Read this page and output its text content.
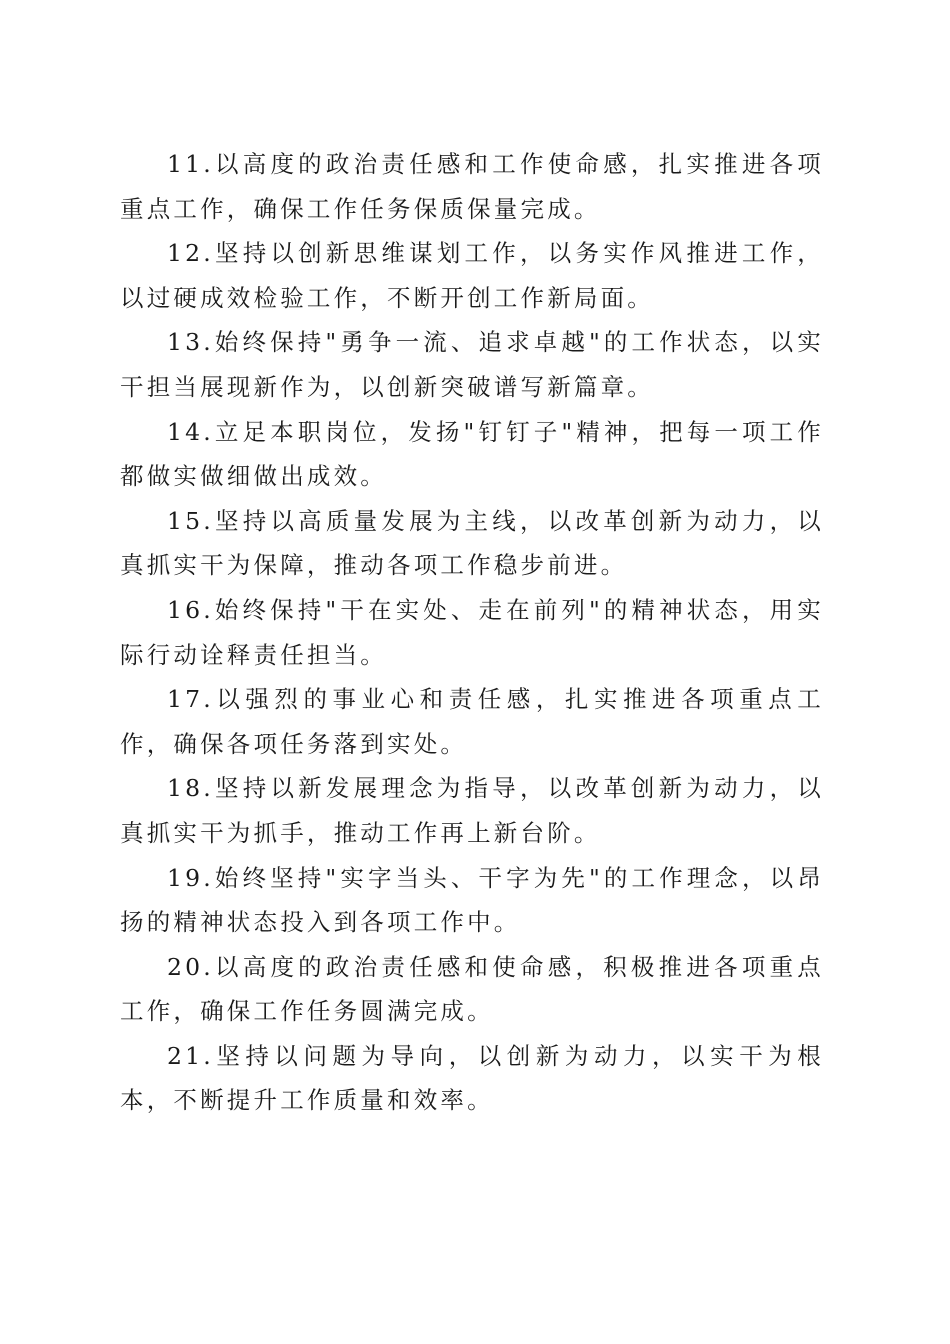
11.以高度的政治责任感和工作使命感，扎实推进各项重点工作，确保工作任务保质保量完成。

12.坚持以创新思维谋划工作，以务实作风推进工作，以过硬成效检验工作，不断开创工作新局面。

13.始终保持"勇争一流、追求卓越"的工作状态，以实干担当展现新作为，以创新突破谱写新篇章。

14.立足本职岗位，发扬"钉钉子"精神，把每一项工作都做实做细做出成效。

15.坚持以高质量发展为主线，以改革创新为动力，以真抓实干为保障，推动各项工作稳步前进。

16.始终保持"干在实处、走在前列"的精神状态，用实际行动诠释责任担当。

17.以强烈的事业心和责任感，扎实推进各项重点工作，确保各项任务落到实处。

18.坚持以新发展理念为指导，以改革创新为动力，以真抓实干为抓手，推动工作再上新台阶。

19.始终坚持"实字当头、干字为先"的工作理念，以昂扬的精神状态投入到各项工作中。

20.以高度的政治责任感和使命感，积极推进各项重点工作，确保工作任务圆满完成。

21.坚持以问题为导向，以创新为动力，以实干为根本，不断提升工作质量和效率。
